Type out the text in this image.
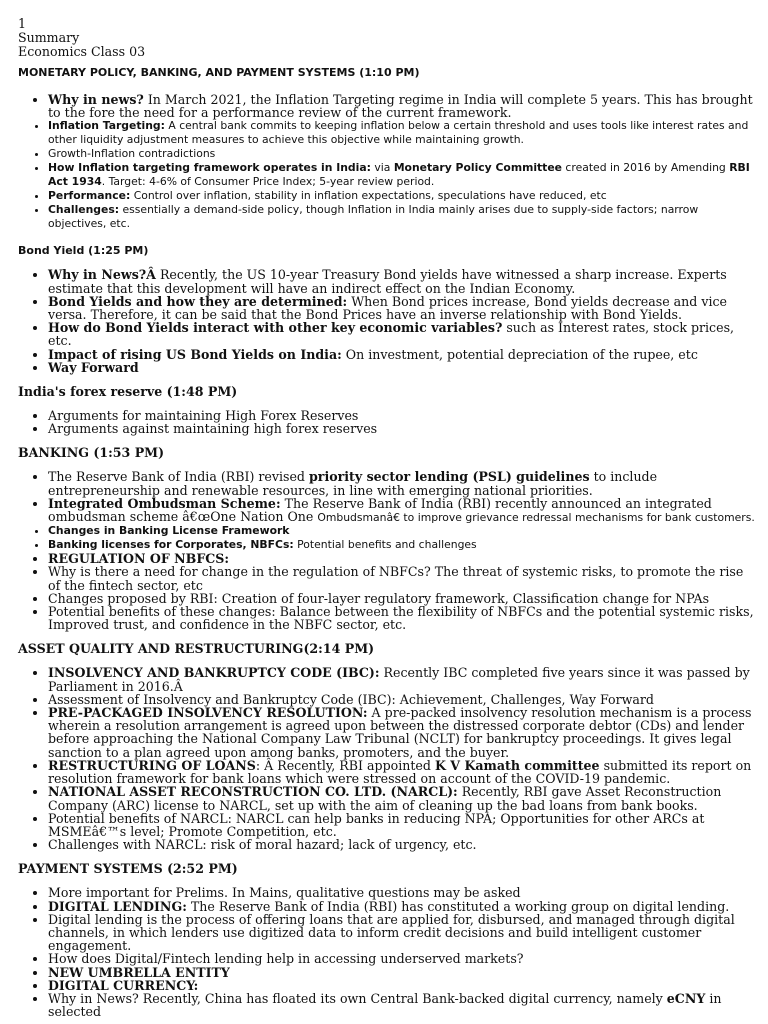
1
Summary
Economics Class 03
MONETARY POLICY, BANKING, AND PAYMENT SYSTEMS (1:10 PM)
• Why in news? In March 2021, the Inflation Targeting regime in India will complete 5 years. This has brought to the fore the need for a performance review of the current framework.
• Inflation Targeting: A central bank commits to keeping inflation below a certain threshold and uses tools like interest rates and other liquidity adjustment measures to achieve this objective while maintaining growth.
• Growth-Inflation contradictions
• How Inflation targeting framework operates in India: via Monetary Policy Committee created in 2016 by Amending RBI Act 1934. Target: 4-6% of Consumer Price Index; 5-year review period.
• Performance: Control over inflation, stability in inflation expectations, speculations have reduced, etc
• Challenges: essentially a demand-side policy, though Inflation in India mainly arises due to supply-side factors; narrow objectives, etc.
Bond Yield (1:25 PM)
• Why in News?Â Recently, the US 10-year Treasury Bond yields have witnessed a sharp increase. Experts estimate that this development will have an indirect effect on the Indian Economy.
• Bond Yields and how they are determined: When Bond prices increase, Bond yields decrease and vice versa. Therefore, it can be said that the Bond Prices have an inverse relationship with Bond Yields.
• How do Bond Yields interact with other key economic variables? such as Interest rates, stock prices, etc.
• Impact of rising US Bond Yields on India: On investment, potential depreciation of the rupee, etc
• Way Forward
India's forex reserve (1:48 PM)
• Arguments for maintaining High Forex Reserves
• Arguments against maintaining high forex reserves
BANKING (1:53 PM)
• The Reserve Bank of India (RBI) revised priority sector lending (PSL) guidelines to include entrepreneurship and renewable resources, in line with emerging national priorities.
• Integrated Ombudsman Scheme: The Reserve Bank of India (RBI) recently announced an integrated ombudsman scheme â€œOne Nation One Ombudsmanâ€ to improve grievance redressal mechanisms for bank customers.
• Changes in Banking License Framework
• Banking licenses for Corporates, NBFCs: Potential benefits and challenges
• REGULATION OF NBFCS:
• Why is there a need for change in the regulation of NBFCs? The threat of systemic risks, to promote the rise of the fintech sector, etc
• Changes proposed by RBI: Creation of four-layer regulatory framework, Classification change for NPAs
• Potential benefits of these changes: Balance between the flexibility of NBFCs and the potential systemic risks, Improved trust, and confidence in the NBFC sector, etc.
ASSET QUALITY AND RESTRUCTURING(2:14 PM)
• INSOLVENCY AND BANKRUPTCY CODE (IBC): Recently IBC completed five years since it was passed by Parliament in 2016.Â
• Assessment of Insolvency and Bankruptcy Code (IBC): Achievement, Challenges, Way Forward
• PRE-PACKAGED INSOLVENCY RESOLUTION: A pre-packed insolvency resolution mechanism is a process wherein a resolution arrangement is agreed upon between the distressed corporate debtor (CDs) and lender before approaching the National Company Law Tribunal (NCLT) for bankruptcy proceedings. It gives legal sanction to a plan agreed upon among banks, promoters, and the buyer.
• RESTRUCTURING OF LOANS: Â Recently, RBI appointed K V Kamath committee submitted its report on resolution framework for bank loans which were stressed on account of the COVID-19 pandemic.
• NATIONAL ASSET RECONSTRUCTION CO. LTD. (NARCL): Recently, RBI gave Asset Reconstruction Company (ARC) license to NARCL, set up with the aim of cleaning up the bad loans from bank books.
• Potential benefits of NARCL: NARCL can help banks in reducing NPA; Opportunities for other ARCs at MSMEâ€™s level; Promote Competition, etc.
• Challenges with NARCL: risk of moral hazard; lack of urgency, etc.
PAYMENT SYSTEMS (2:52 PM)
• More important for Prelims. In Mains, qualitative questions may be asked
• DIGITAL LENDING: The Reserve Bank of India (RBI) has constituted a working group on digital lending.
• Digital lending is the process of offering loans that are applied for, disbursed, and managed through digital channels, in which lenders use digitized data to inform credit decisions and build intelligent customer engagement.
• How does Digital/Fintech lending help in accessing underserved markets?
• NEW UMBRELLA ENTITY
• DIGITAL CURRENCY:
• Why in News? Recently, China has floated its own Central Bank-backed digital currency, namely eCNY in selected
